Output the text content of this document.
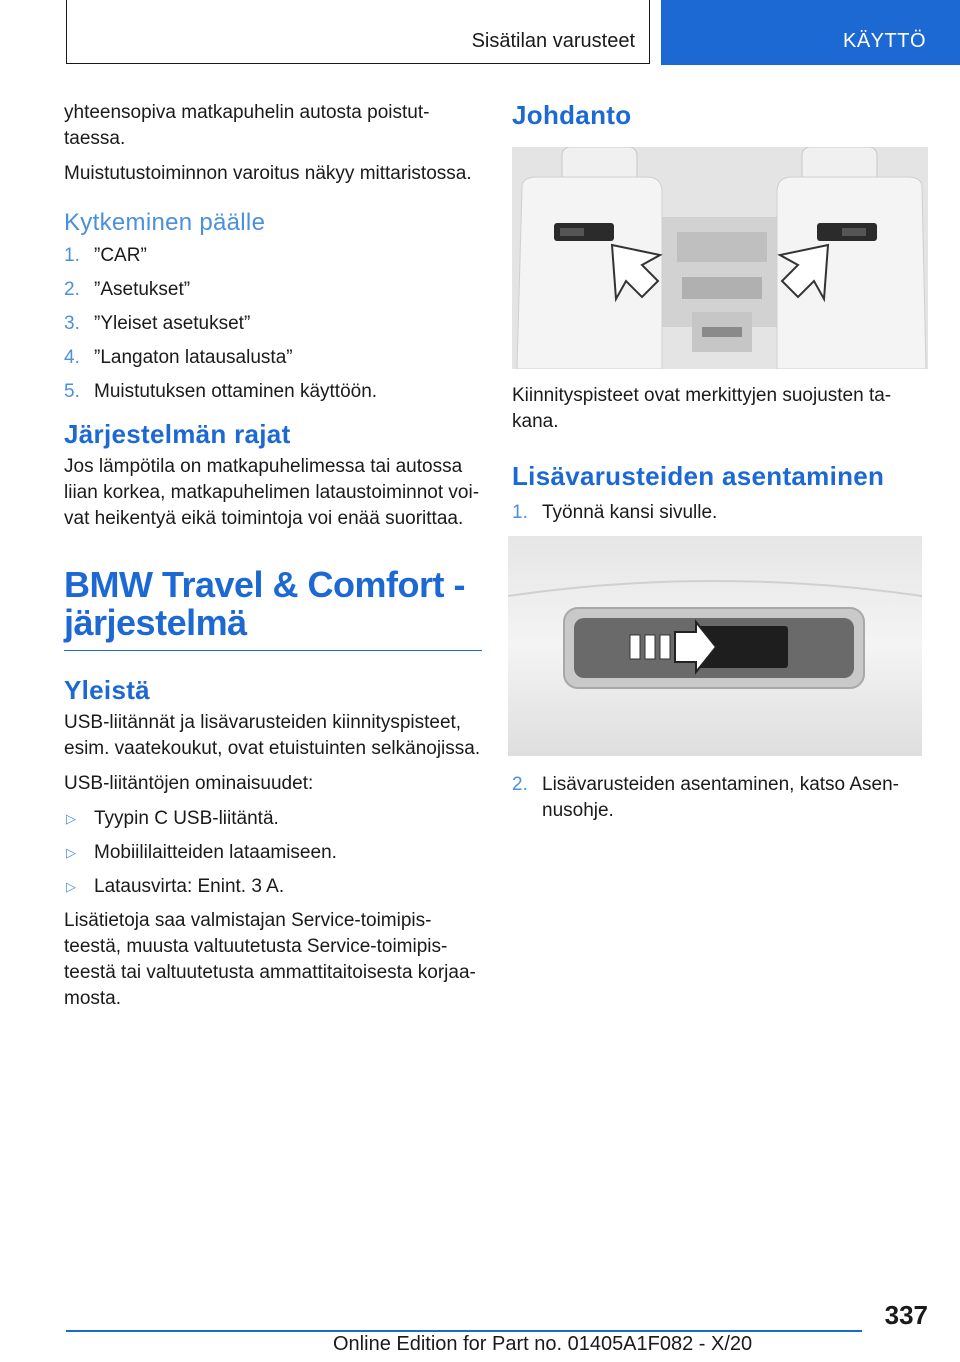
Sisätilan varusteet	KÄYTTÖ

yhteensopiva matkapuhelin autosta poistut-taessa.

Muistutustoiminnon varoitus näkyy mittaristossa.

Kytkeminen päälle
1. ”CAR”
2. ”Asetukset”
3. ”Yleiset asetukset”
4. ”Langaton latausalusta”
5. Muistutuksen ottaminen käyttöön.
Järjestelmän rajat

Jos lämpötila on matkapuhelimessa tai autossa liian korkea, matkapuhelimen lataustoiminnot voi-vat heikentyä eikä toimintoja voi enää suorittaa.

BMW Travel & Comfort -järjestelmä
Yleistä

USB-liitännät ja lisävarusteiden kiinnityspisteet, esim. vaatekoukut, ovat etuistuinten selkänojissa.

USB-liitäntöjen ominaisuudet:

▷ Tyypin C USB-liitäntä.
▷ Mobiililaitteiden lataamiseen.
▷ Latausvirta: Enint. 3 A.

Lisätietoja saa valmistajan Service-toimipis-teestä, muusta valtuutetusta Service-toimipis-teestä tai valtuutetusta ammattitaitoisesta korjaa-mosta.

Johdanto

Kiinnityspisteet ovat merkittyjen suojusten ta-kana.

Lisävarusteiden asentaminen
1. Työnnä kansi sivulle.
2. Lisävarusteiden asentaminen, katso Asen-nusohje.
337
Online Edition for Part no. 01405A1F082 - X/20
